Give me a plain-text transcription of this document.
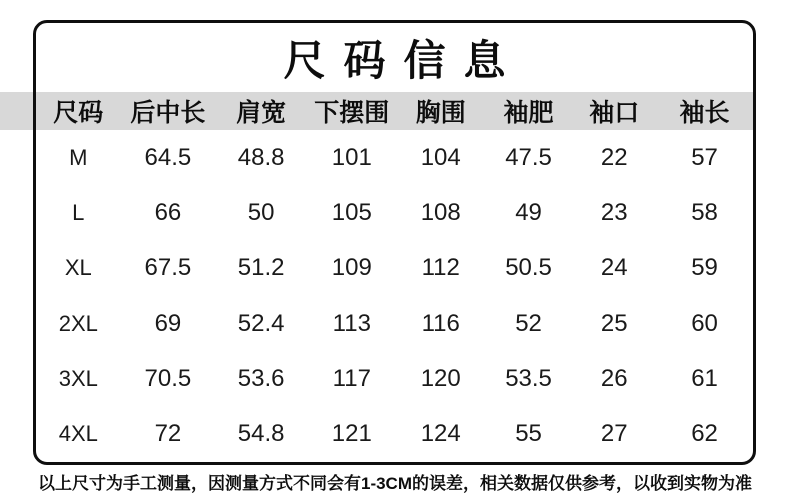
尺码信息
尺码	后中长	肩宽	下摆围	胸围	袖肥	袖口	袖长
M	64.5	48.8	101	104	47.5	22	57
L	66	50	105	108	49	23	58
XL	67.5	51.2	109	112	50.5	24	59
2XL	69	52.4	113	116	52	25	60
3XL	70.5	53.6	117	120	53.5	26	61
4XL	72	54.8	121	124	55	27	62
以上尺寸为手工测量，因测量方式不同会有1-3CM的误差，相关数据仅供参考，以收到实物为准
